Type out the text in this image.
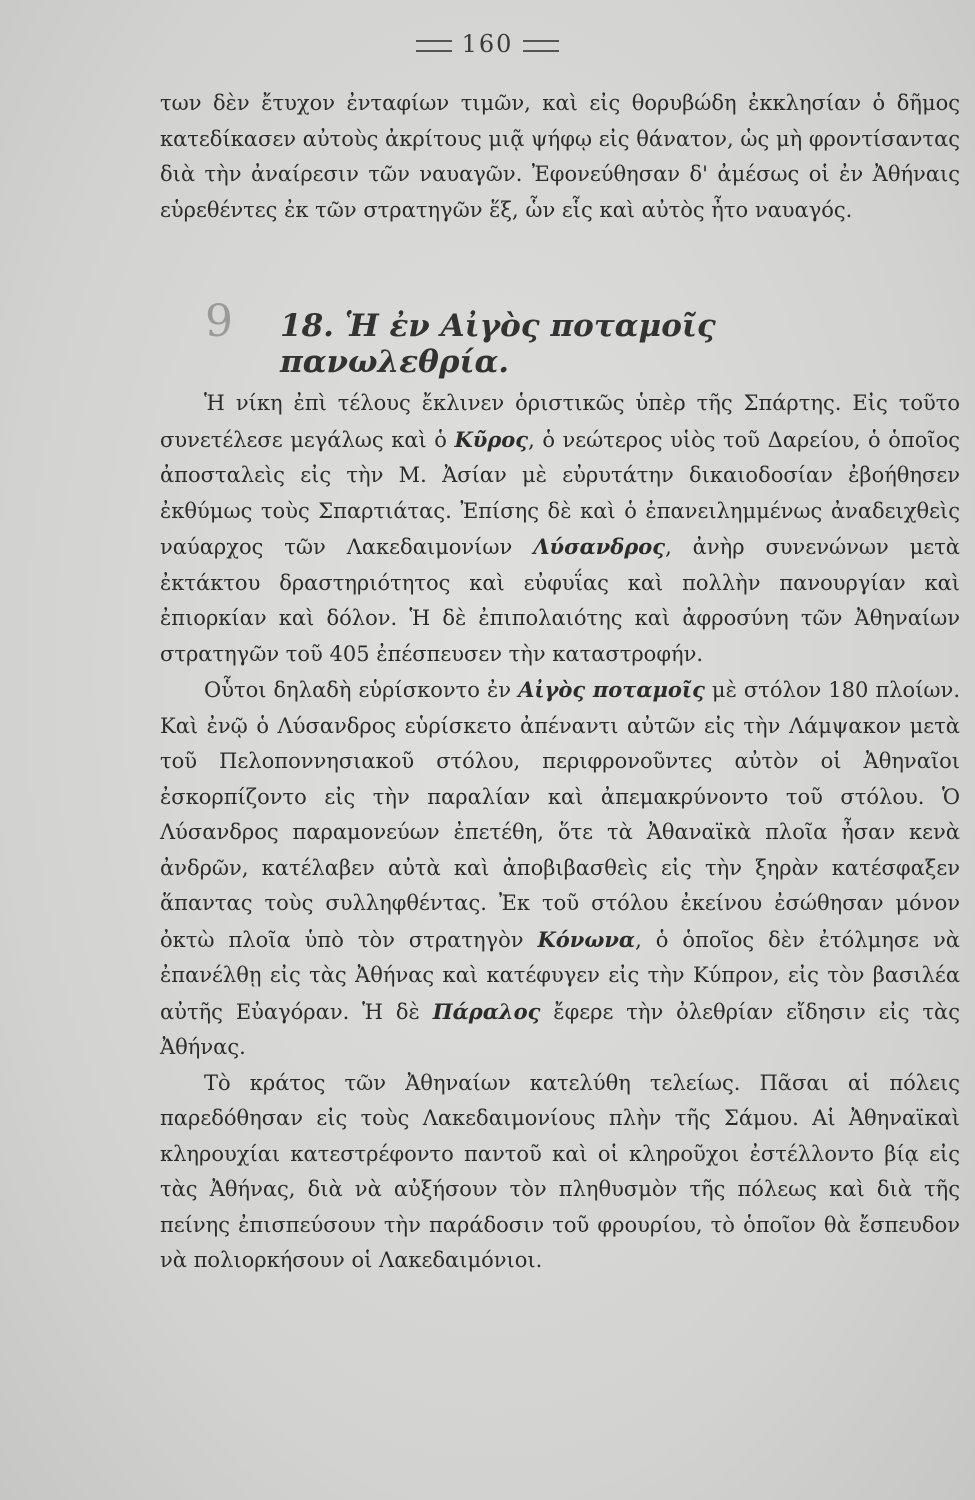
160

των δὲν ἔτυχον ἐνταφίων τιμῶν, καὶ εἰς θορυβώδη ἐκκλησίαν ὁ δῆμος κατεδίκασεν αὐτοὺς ἀκρίτους μιᾷ ψήφῳ εἰς θάνατον, ὡς μὴ φροντίσαντας διὰ τὴν ἀναίρεσιν τῶν ναυαγῶν. Ἐφονεύθησαν δ' ἀμέσως οἱ ἐν Ἀθήναις εὑρεθέντες ἐκ τῶν στρατηγῶν ἕξ, ὧν εἷς καὶ αὐτὸς ἦτο ναυαγός.

9 18. Ἡ ἐν Αἰγὸς ποταμοῖς πανωλεθρία.

Ἡ νίκη ἐπὶ τέλους ἔκλινεν ὁριστικῶς ὑπὲρ τῆς Σπάρτης. Εἰς τοῦτο συνετέλεσε μεγάλως καὶ ὁ Κῦρος, ὁ νεώτερος υἱὸς τοῦ Δαρείου, ὁ ὁποῖος ἀποσταλεὶς εἰς τὴν Μ. Ἀσίαν μὲ εὐρυτάτην δικαιοδοσίαν ἐβοήθησεν ἐκθύμως τοὺς Σπαρτιάτας. Ἐπίσης δὲ καὶ ὁ ἐπανειλημμένως ἀναδειχθεὶς ναύαρχος τῶν Λακεδαιμονίων Λύσανδρος, ἀνὴρ συνενώνων μετὰ ἐκτάκτου δραστηριότητος καὶ εὐφυΐας καὶ πολλὴν πανουργίαν καὶ ἐπιορκίαν καὶ δόλον. Ἡ δὲ ἐπιπολαιότης καὶ ἀφροσύνη τῶν Ἀθηναίων στρατηγῶν τοῦ 405 ἐπέσπευσεν τὴν καταστροφήν.

Οὗτοι δηλαδὴ εὑρίσκοντο ἐν Αἰγὸς ποταμοῖς μὲ στόλον 180 πλοίων. Καὶ ἐνῷ ὁ Λύσανδρος εὑρίσκετο ἀπέναντι αὐτῶν εἰς τὴν Λάμψακον μετὰ τοῦ Πελοποννησιακοῦ στόλου, περιφρονοῦντες αὐτὸν οἱ Ἀθηναῖοι ἐσκορπίζοντο εἰς τὴν παραλίαν καὶ ἀπεμακρύνοντο τοῦ στόλου. Ὁ Λύσανδρος παραμονεύων ἐπετέθη, ὅτε τὰ Ἀθαναϊκὰ πλοῖα ἦσαν κενὰ ἀνδρῶν, κατέλαβεν αὐτὰ καὶ ἀποβιβασθεὶς εἰς τὴν ξηρὰν κατέσφαξεν ἅπαντας τοὺς συλληφθέντας. Ἐκ τοῦ στόλου ἐκείνου ἐσώθησαν μόνον ὀκτὼ πλοῖα ὑπὸ τὸν στρατηγὸν Κόνωνα, ὁ ὁποῖος δὲν ἐτόλμησε νὰ ἐπανέλθῃ εἰς τὰς Ἀθήνας καὶ κατέφυγεν εἰς τὴν Κύπρον, εἰς τὸν βασιλέα αὐτῆς Εὐαγόραν. Ἡ δὲ Πάραλος ἔφερε τὴν ὀλεθρίαν εἴδησιν εἰς τὰς Ἀθήνας.

Τὸ κράτος τῶν Ἀθηναίων κατελύθη τελείως. Πᾶσαι αἱ πόλεις παρεδόθησαν εἰς τοὺς Λακεδαιμονίους πλὴν τῆς Σάμου. Αἱ Ἀθηναϊκαὶ κληρουχίαι κατεστρέφοντο παντοῦ καὶ οἱ κληροῦχοι ἐστέλλοντο βίᾳ εἰς τὰς Ἀθήνας, διὰ νὰ αὐξήσουν τὸν πληθυσμὸν τῆς πόλεως καὶ διὰ τῆς πείνης ἐπισπεύσουν τὴν παράδοσιν τοῦ φρουρίου, τὸ ὁποῖον θὰ ἔσπευδον νὰ πολιορκήσουν οἱ Λακεδαιμόνιοι.
